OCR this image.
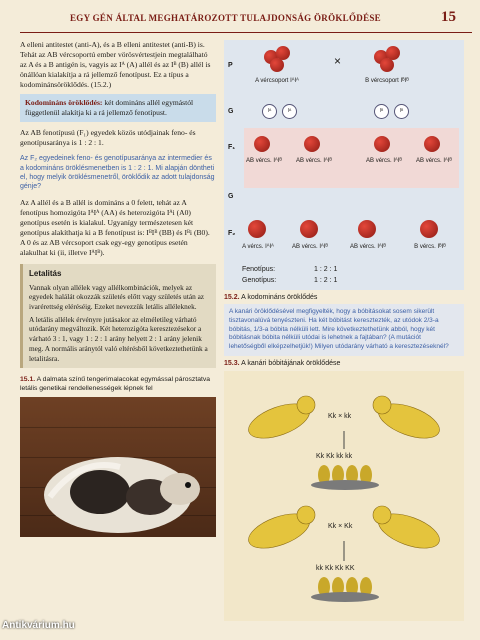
EGY GÉN ÁLTAL MEGHATÁROZOTT TULAJDONSÁG ÖRÖKLŐDÉSE	15

A elleni antitestet (anti-A), és a B elleni antitestet (anti-B) is. Tehát az AB vércsoportú ember vörösvértestjein megtalálható az A és a B antigén is, vagyis az Iᴬ (A) allél és az Iᴮ (B) allél is önállóan kialakítja a rá jellemző fenotípust. Ez a típus a kodominánsöröklődés. (15.2.)

Kodomináns öröklődés: két domináns allél egymástól függetlenül alakítja ki a rá jellemző fenotípust.

Az AB fenotípusú (F₁) egyedek közös utódjainak feno- és genotípusaránya is 1 : 2 : 1.

Az F₂ egyedeinek feno- és genotípusaránya az intermedier és a kodomináns öröklésmenetben is 1 : 2 : 1. Mi alapján döntheti el, hogy melyik öröklésmenetről, öröklődik az adott tulajdonság génje?

Az A allél és a B allél is domináns a 0 felett, tehát az A fenotípus homozigóta IᴬIᴬ (AA) és heterozigóta Iᴬi (A0) genotípus esetén is kialakul. Ugyanígy természetesen két genotípus alakíthatja ki a B fenotípust is: IᴮIᴮ (BB) és Iᴮi (B0). A 0 és az AB vércsoport csak egy-egy genotípus esetén alakulhat ki (ii, illetve IᴬIᴮ).

Letalitás

Vannak olyan allélek vagy allélkombinációk, melyek az egyedek halálát okozzák születés előtt vagy születés után az ivarérettség eléréséig. Ezeket nevezzük letális alléleknek.

A letális allélek érvényre jutásakor az elméletileg várható utódarány megváltozik. Két heterozigóta keresztezésekor a várható 3 : 1, vagy 1 : 2 : 1 arány helyett 2 : 1 arány jelenik meg. A normális aránytól való eltérésből következtethetünk a letalitásra.

15.1. A dalmata színű tengerimalacokat egymással párosztatva letális genetikai rendellenességek lépnek fel
P
G
F₁
G
F₂
×
A vércsoport IᴬIᴬ	B vércsoport IᴮIᴮ
Iᴬ	Iᴬ	Iᴮ	Iᴮ
AB vércs. IᴬIᴮ	AB vércs. IᴬIᴮ	AB vércs. IᴬIᴮ	AB vércs. IᴬIᴮ
A vércs. IᴬIᴬ	AB vércs. IᴬIᴮ	AB vércs. IᴬIᴮ	B vércs. IᴮIᴮ
Fenotípus:
Genotípus:
1 : 2 : 1
1 : 2 : 1
15.2. A kodomináns öröklődés
A kanári öröklődésével megfigyelték, hogy a bóbitásokat sosem sikerült tisztavonalúvá tenyészteni. Ha két bóbitást keresztezték, az utódok 2/3-a bóbitás, 1/3-a bóbita nélküli lett. Mire következtethetünk abból, hogy két bóbitásnak bóbita nélküli utódai is lehetnek a fajtában? (A mutációt lehetőségből elképzelhetjük!) Milyen utódarány várható a keresztezéseknél?
15.3. A kanári bóbitájának öröklődése
Kk × kk
Kk × Kk
Kk Kk kk kk
kk Kk Kk KK
Antikvárium.hu
